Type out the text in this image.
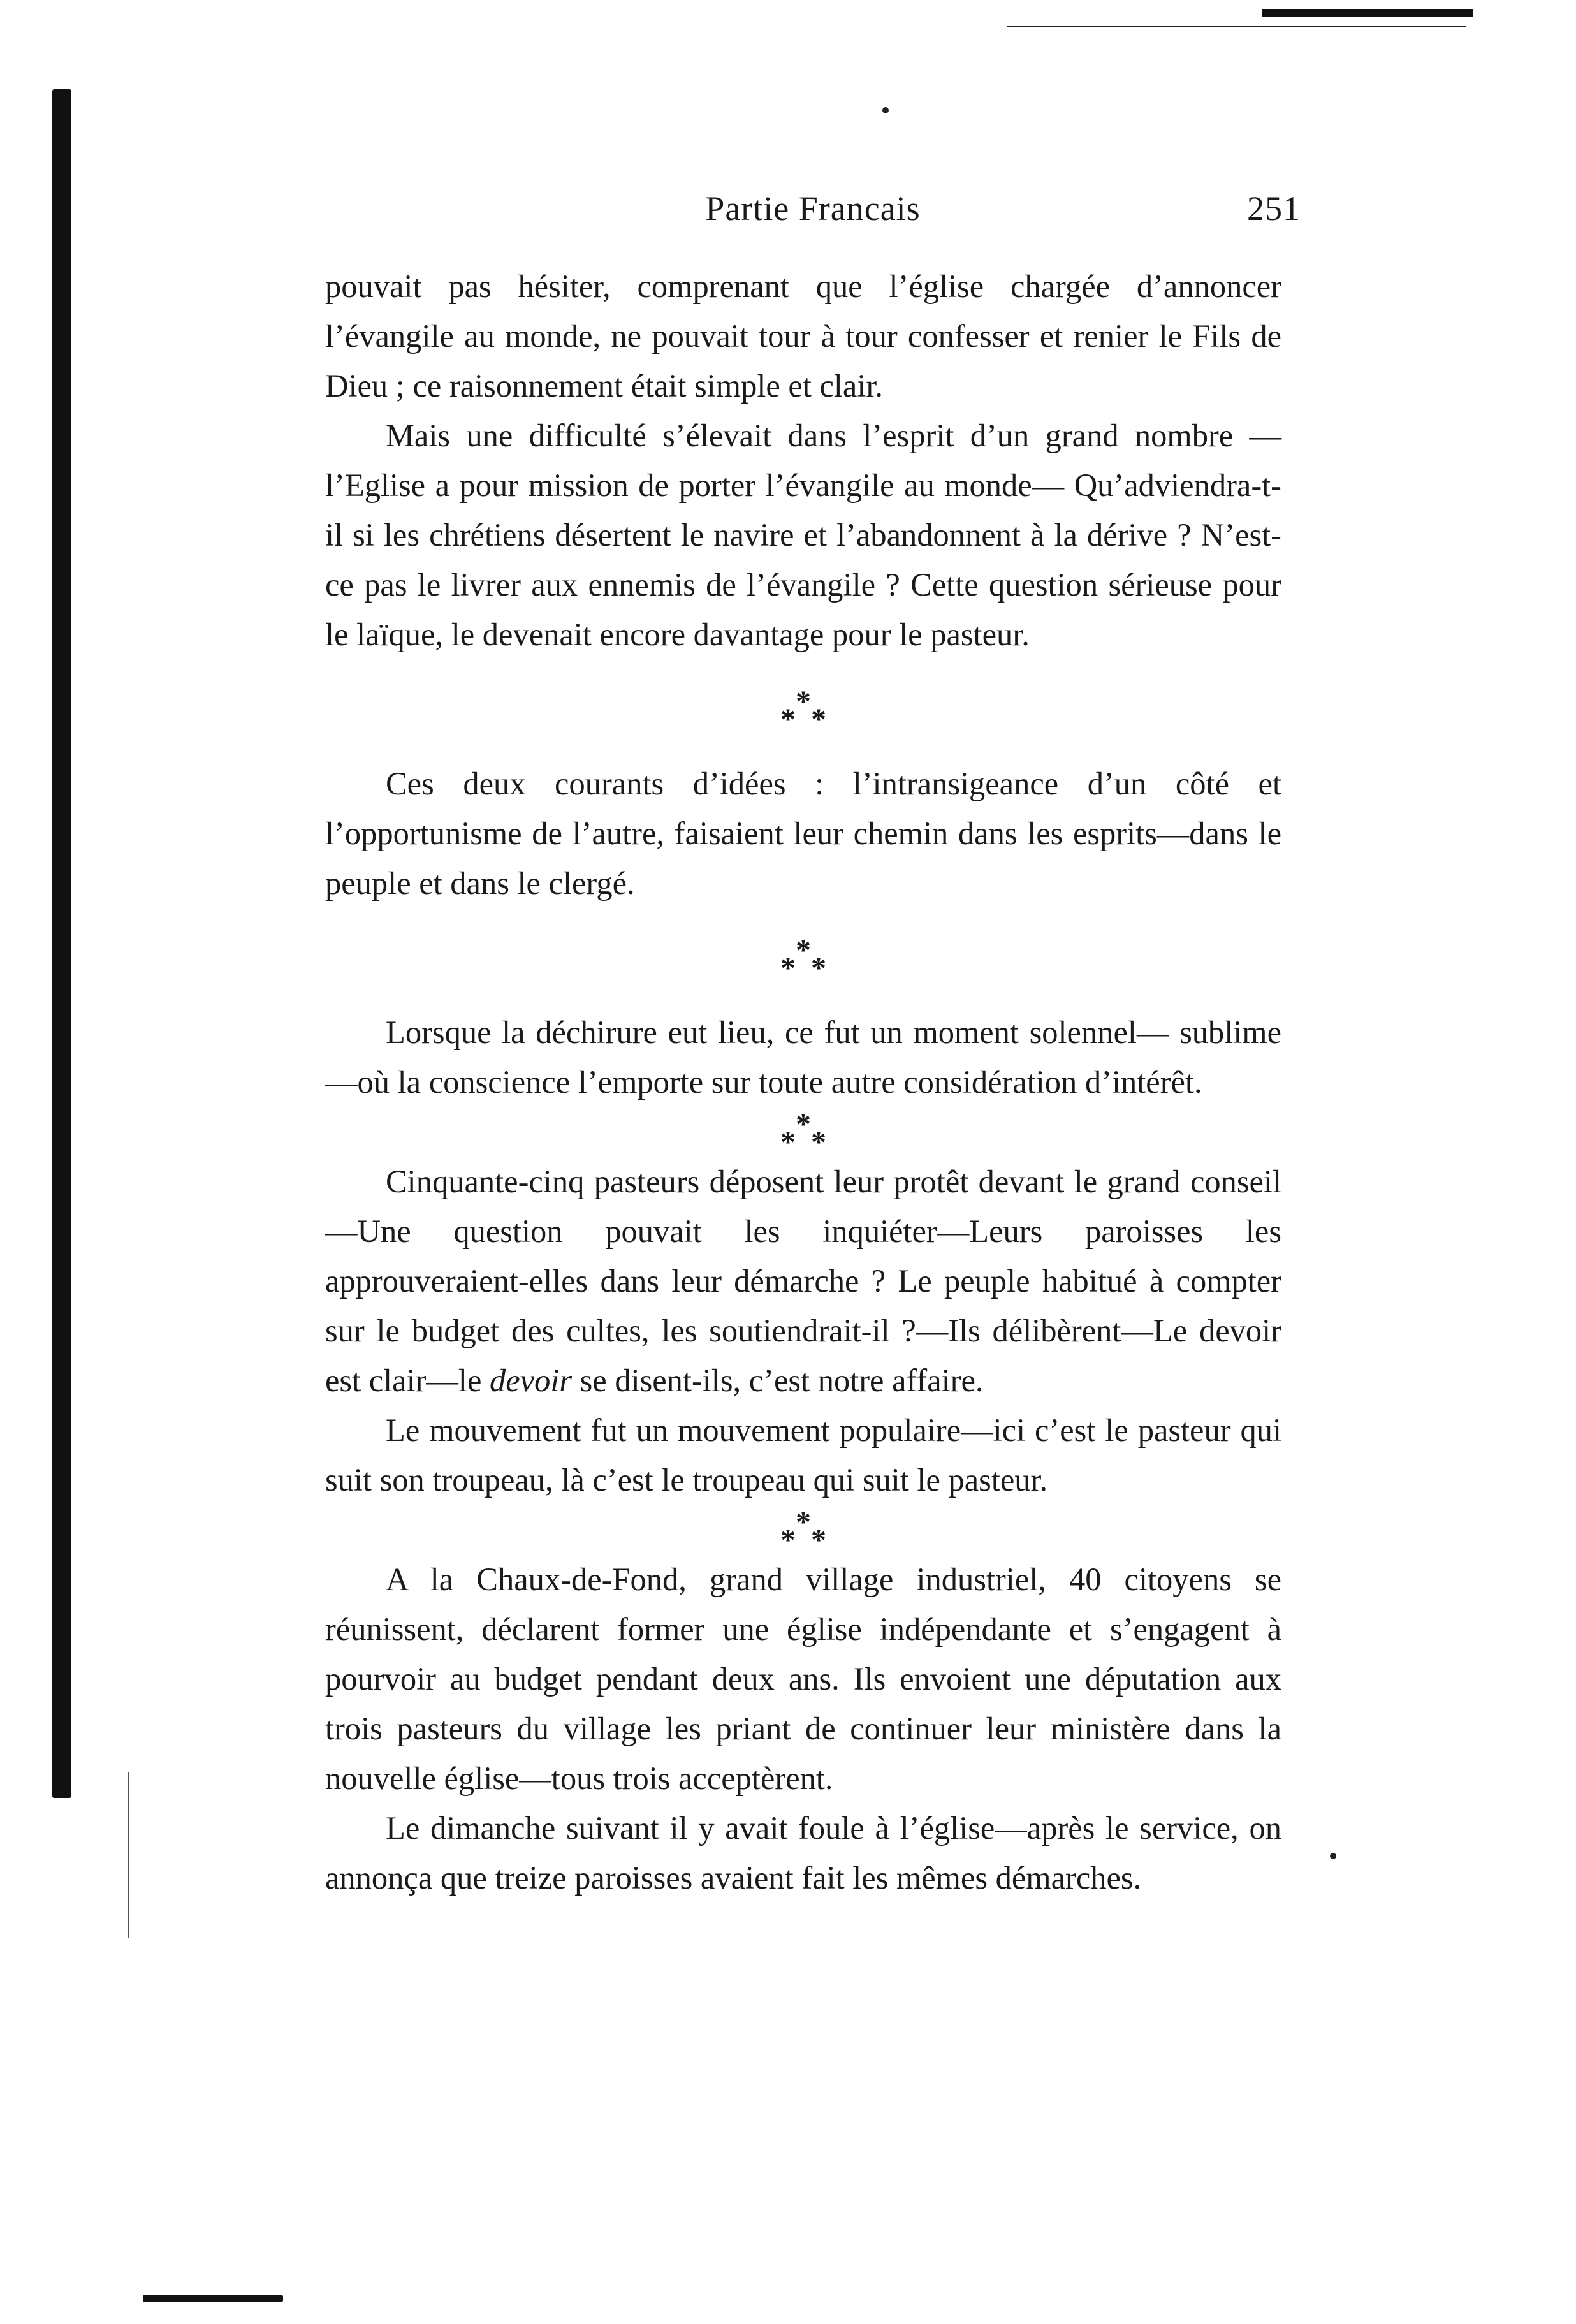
Partie Francais	251

pouvait pas hésiter, comprenant que l’église chargée d’annoncer l’évangile au monde, ne pouvait tour à tour confesser et renier le Fils de Dieu ; ce raisonnement était simple et clair.

Mais une difficulté s’élevait dans l’esprit d’un grand nombre —l’Eglise a pour mission de porter l’évangile au monde— Qu’adviendra-t-il si les chrétiens désertent le navire et l’abandonnent à la dérive ? N’est-ce pas le livrer aux ennemis de l’évangile ? Cette question sérieuse pour le laïque, le devenait encore davantage pour le pasteur.

*
* *

Ces deux courants d’idées : l’intransigeance d’un côté et l’opportunisme de l’autre, faisaient leur chemin dans les esprits—dans le peuple et dans le clergé.

*
* *

Lorsque la déchirure eut lieu, ce fut un moment solennel— sublime—où la conscience l’emporte sur toute autre considération d’intérêt.

*
* *

Cinquante-cinq pasteurs déposent leur protêt devant le grand conseil—Une question pouvait les inquiéter—Leurs paroisses les approuveraient-elles dans leur démarche ? Le peuple habitué à compter sur le budget des cultes, les soutiendrait-il ?—Ils délibèrent—Le devoir est clair—le devoir se disent-ils, c’est notre affaire.

Le mouvement fut un mouvement populaire—ici c’est le pasteur qui suit son troupeau, là c’est le troupeau qui suit le pasteur.

*
* *

A la Chaux-de-Fond, grand village industriel, 40 citoyens se réunissent, déclarent former une église indépendante et s’engagent à pourvoir au budget pendant deux ans. Ils envoient une députation aux trois pasteurs du village les priant de continuer leur ministère dans la nouvelle église—tous trois acceptèrent.

Le dimanche suivant il y avait foule à l’église—après le service, on annonça que treize paroisses avaient fait les mêmes démarches.
